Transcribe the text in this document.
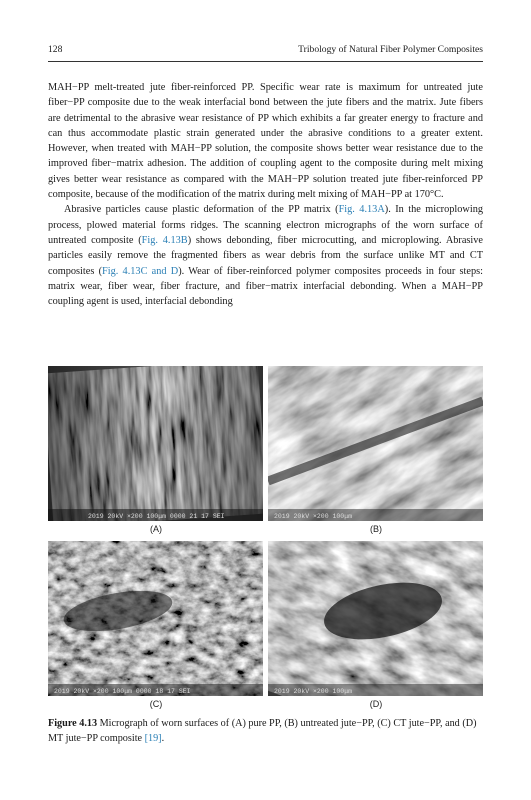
128	Tribology of Natural Fiber Polymer Composites

MAH−PP melt-treated jute fiber-reinforced PP. Specific wear rate is maximum for untreated jute fiber−PP composite due to the weak interfacial bond between the jute fibers and the matrix. Jute fibers are detrimental to the abrasive wear resistance of PP which exhibits a far greater energy to fracture and can thus accommodate plastic strain generated under the abrasive conditions to a greater extent. However, when treated with MAH−PP solution, the composite shows better wear resistance due to the improved fiber−matrix adhesion. The addition of coupling agent to the composite during melt mixing gives better wear resistance as compared with the MAH−PP solution treated jute fiber-reinforced PP composite, because of the modification of the matrix during melt mixing of MAH−PP at 170°C.

Abrasive particles cause plastic deformation of the PP matrix (Fig. 4.13A). In the microplowing process, plowed material forms ridges. The scanning electron micrographs of the worn surface of untreated composite (Fig. 4.13B) shows debonding, fiber microcutting, and microplowing. Abrasive particles easily remove the fragmented fibers as wear debris from the surface unlike MT and CT composites (Fig. 4.13C and D). Wear of fiber-reinforced polymer composites proceeds in four steps: matrix wear, fiber wear, fiber fracture, and fiber−matrix interfacial debonding. When a MAH−PP coupling agent is used, interfacial debonding

2019 20kV ×200 100μm 0000 21 17 SEI
(A)
2019 20kV ×200 100μm
(B)
2019 20kV ×200 100μm 0000 18 17 SEI
(C)
2019 20kV ×200 100μm
(D)
Figure 4.13 Micrograph of worn surfaces of (A) pure PP, (B) untreated jute−PP, (C) CT jute−PP, and (D) MT jute−PP composite [19].
